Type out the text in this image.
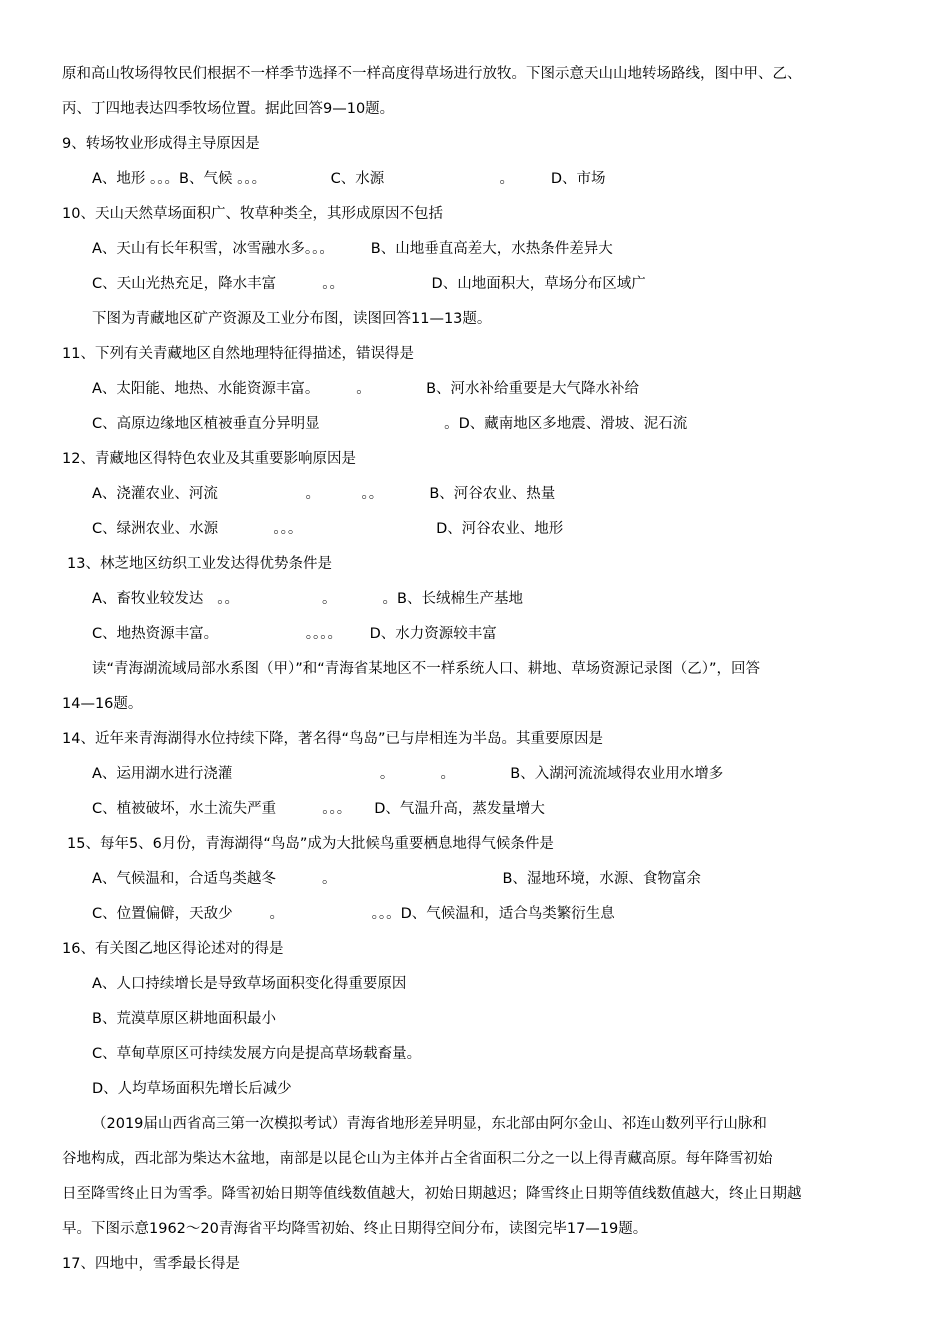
原和高山牧场得牧民们根据不一样季节选择不一样高度得草场进行放牧。下图示意天山山地转场路线，图中甲、乙、
丙、丁四地表达四季牧场位置。据此回答9—10题。
9、转场牧业形成得主导原因是
A、地形 。。。B、气候 。。。              C、水源                         。        D、市场
10、天山天然草场面积广、牧草种类全，其形成原因不包括
A、天山有长年积雪，冰雪融水多。。。        B、山地垂直高差大，水热条件差异大
C、天山光热充足，降水丰富          。。                   D、山地面积大，草场分布区域广
下图为青藏地区矿产资源及工业分布图，读图回答11—13题。
11、下列有关青藏地区自然地理特征得描述，错误得是
A、太阳能、地热、水能资源丰富。        。            B、河水补给重要是大气降水补给
C、高原边缘地区植被垂直分异明显                           。D、藏南地区多地震、滑坡、泥石流
12、青藏地区得特色农业及其重要影响原因是
A、浇灌农业、河流                   。         。。          B、河谷农业、热量
C、绿洲农业、水源            。。。                             D、河谷农业、地形
13、林芝地区纺织工业发达得优势条件是
A、畜牧业较发达   。。                  。          。B、长绒棉生产基地
C、地热资源丰富。                   。。。。      D、水力资源较丰富
读“青海湖流域局部水系图（甲）”和“青海省某地区不一样系统人口、耕地、草场资源记录图（乙）”，回答
14—16题。
14、近年来青海湖得水位持续下降，著名得“鸟岛”已与岸相连为半岛。其重要原因是
A、运用湖水进行浇灌                                。          。            B、入湖河流流域得农业用水增多
C、植被破坏，水土流失严重          。。。     D、气温升高，蒸发量增大
15、每年5、6月份，青海湖得“鸟岛”成为大批候鸟重要栖息地得气候条件是
A、气候温和，合适鸟类越冬          。                                    B、湿地环境，水源、食物富余
C、位置偏僻，天敌少        。                   。。。D、气候温和，适合鸟类繁衍生息
16、有关图乙地区得论述对的得是
A、人口持续增长是导致草场面积变化得重要原因
B、荒漠草原区耕地面积最小
C、草甸草原区可持续发展方向是提高草场载畜量。
D、人均草场面积先增长后减少
（2019届山西省高三第一次模拟考试）青海省地形差异明显，东北部由阿尔金山、祁连山数列平行山脉和
谷地构成，西北部为柴达木盆地，南部是以昆仑山为主体并占全省面积二分之一以上得青藏高原。每年降雪初始
日至降雪终止日为雪季。降雪初始日期等值线数值越大，初始日期越迟；降雪终止日期等值线数值越大，终止日期越
早。下图示意1962～20青海省平均降雪初始、终止日期得空间分布，读图完毕17—19题。
17、四地中，雪季最长得是
